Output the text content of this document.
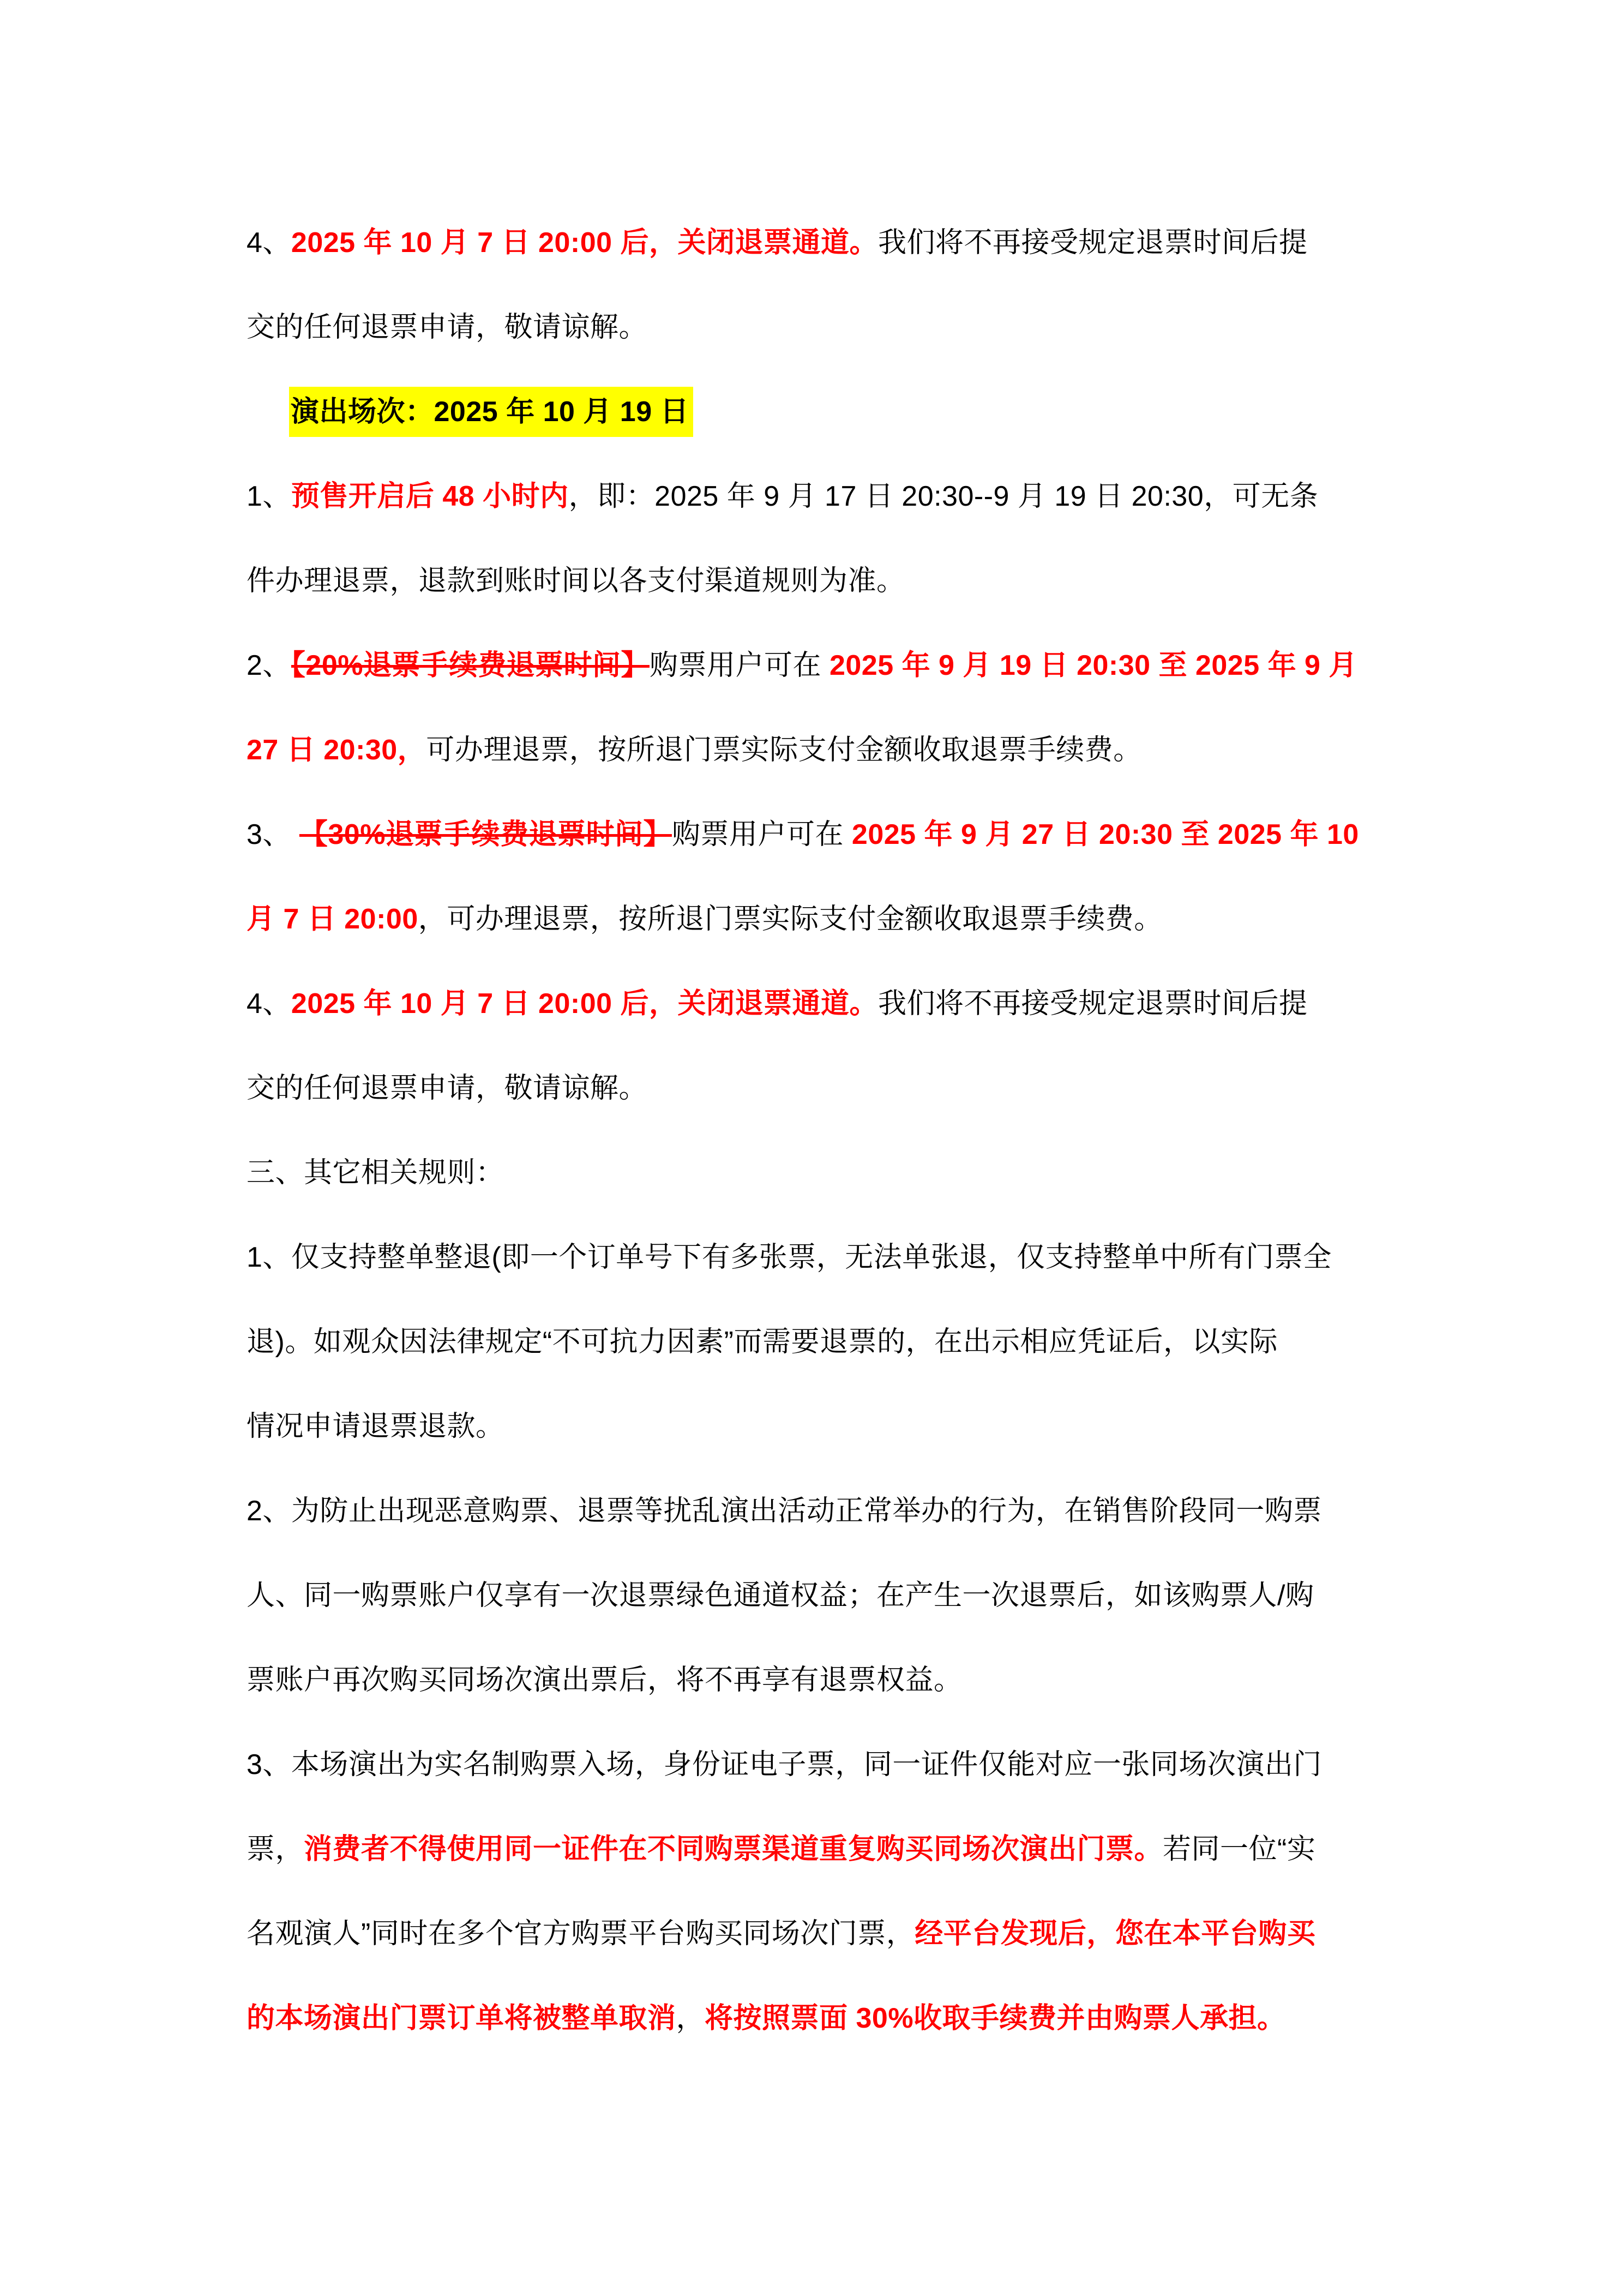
4、2025 年 10 月 7 日 20:00 后，关闭退票通道。我们将不再接受规定退票时间后提
交的任何退票申请，敬请谅解。
演出场次：2025 年 10 月 19 日
1、预售开启后 48 小时内，即：2025 年 9 月 17 日 20:30--9 月 19 日 20:30，可无条
件办理退票，退款到账时间以各支付渠道规则为准。
2、【20%退票手续费退票时间】购票用户可在 2025 年 9 月 19 日 20:30 至 2025 年 9 月
27 日 20:30，可办理退票，按所退门票实际支付金额收取退票手续费。
3、 【30%退票手续费退票时间】购票用户可在 2025 年 9 月 27 日 20:30 至 2025 年 10
月 7 日 20:00，可办理退票，按所退门票实际支付金额收取退票手续费。
4、2025 年 10 月 7 日 20:00 后，关闭退票通道。我们将不再接受规定退票时间后提
交的任何退票申请，敬请谅解。
三、其它相关规则：
1、仅支持整单整退(即一个订单号下有多张票，无法单张退，仅支持整单中所有门票全
退)。如观众因法律规定“不可抗力因素”而需要退票的，在出示相应凭证后，以实际
情况申请退票退款。
2、为防止出现恶意购票、退票等扰乱演出活动正常举办的行为，在销售阶段同一购票
人、同一购票账户仅享有一次退票绿色通道权益；在产生一次退票后，如该购票人/购
票账户再次购买同场次演出票后，将不再享有退票权益。
3、本场演出为实名制购票入场，身份证电子票，同一证件仅能对应一张同场次演出门
票，消费者不得使用同一证件在不同购票渠道重复购买同场次演出门票。若同一位“实
名观演人”同时在多个官方购票平台购买同场次门票，经平台发现后，您在本平台购买
的本场演出门票订单将被整单取消，将按照票面 30%收取手续费并由购票人承担。
